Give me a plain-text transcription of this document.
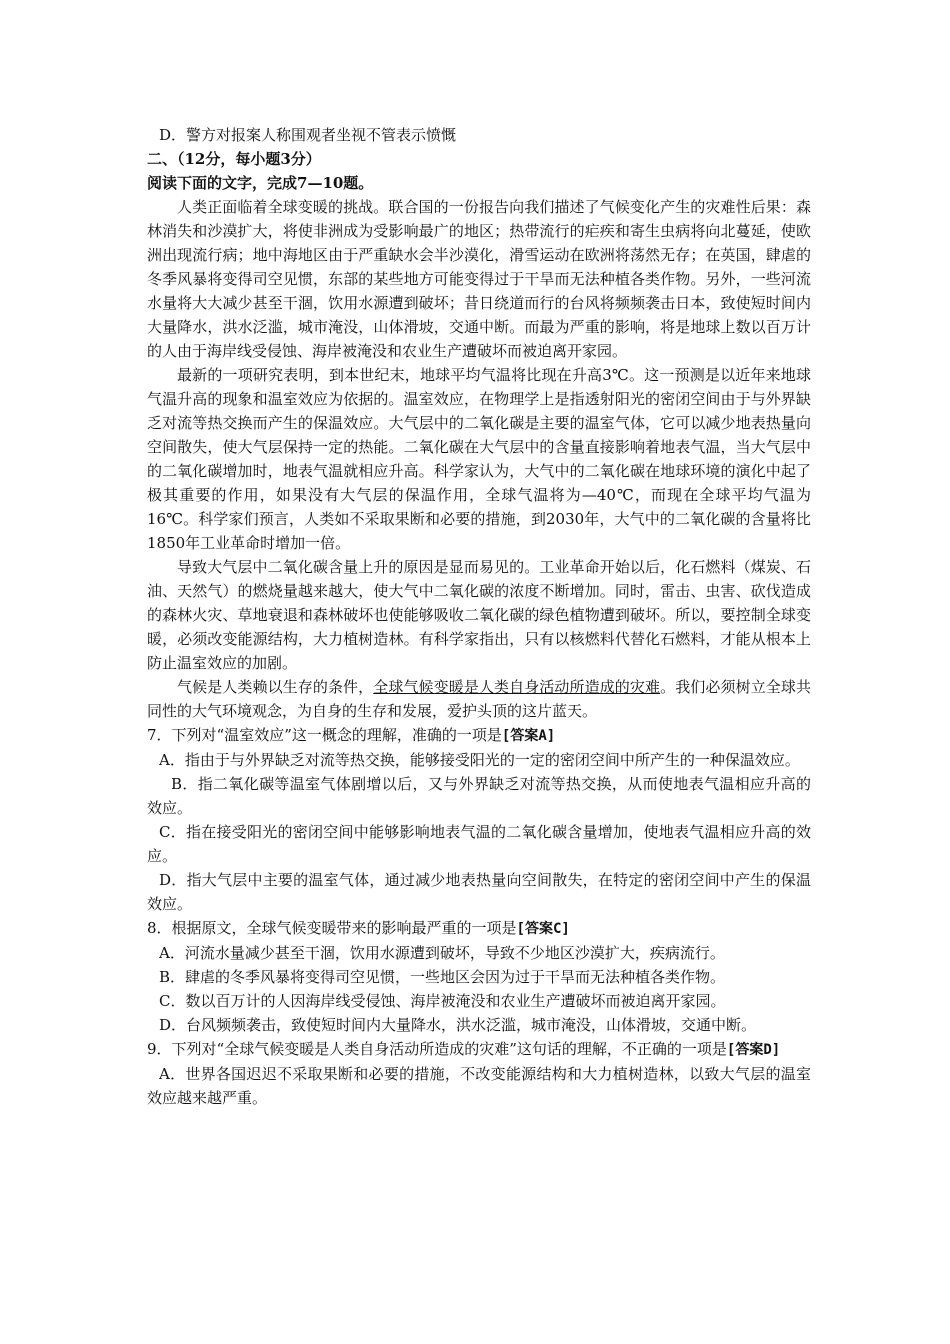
D．警方对报案人称围观者坐视不管表示愤慨

二、（12分，每小题3分）

阅读下面的文字，完成7—10题。

人类正面临着全球变暖的挑战。联合国的一份报告向我们描述了气候变化产生的灾难性后果：森林消失和沙漠扩大，将使非洲成为受影响最广的地区；热带流行的疟疾和寄生虫病将向北蔓延，使欧洲出现流行病；地中海地区由于严重缺水会半沙漠化，滑雪运动在欧洲将荡然无存；在英国，肆虐的冬季风暴将变得司空见惯，东部的某些地方可能变得过于干旱而无法种植各类作物。另外，一些河流水量将大大减少甚至干涸，饮用水源遭到破坏；昔日绕道而行的台风将频频袭击日本，致使短时间内大量降水，洪水泛滥，城市淹没，山体滑坡，交通中断。而最为严重的影响，将是地球上数以百万计的人由于海岸线受侵蚀、海岸被淹没和农业生产遭破坏而被迫离开家园。

最新的一项研究表明，到本世纪末，地球平均气温将比现在升高3℃。这一预测是以近年来地球气温升高的现象和温室效应为依据的。温室效应，在物理学上是指透射阳光的密闭空间由于与外界缺乏对流等热交换而产生的保温效应。大气层中的二氧化碳是主要的温室气体，它可以减少地表热量向空间散失，使大气层保持一定的热能。二氧化碳在大气层中的含量直接影响着地表气温，当大气层中的二氧化碳增加时，地表气温就相应升高。科学家认为，大气中的二氧化碳在地球环境的演化中起了极其重要的作用，如果没有大气层的保温作用，全球气温将为—40℃，而现在全球平均气温为16℃。科学家们预言，人类如不采取果断和必要的措施，到2030年，大气中的二氧化碳的含量将比1850年工业革命时增加一倍。

导致大气层中二氧化碳含量上升的原因是显而易见的。工业革命开始以后，化石燃料（煤炭、石油、天然气）的燃烧量越来越大，使大气中二氧化碳的浓度不断增加。同时，雷击、虫害、砍伐造成的森林火灾、草地衰退和森林破坏也使能够吸收二氧化碳的绿色植物遭到破坏。所以，要控制全球变暖，必须改变能源结构，大力植树造林。有科学家指出，只有以核燃料代替化石燃料，才能从根本上防止温室效应的加剧。

气候是人类赖以生存的条件，全球气候变暖是人类自身活动所造成的灾难。我们必须树立全球共同性的大气环境观念，为自身的生存和发展，爱护头顶的这片蓝天。

7．下列对“温室效应”这一概念的理解，准确的一项是[答案A]

A．指由于与外界缺乏对流等热交换，能够接受阳光的一定的密闭空间中所产生的一种保温效应。

B．指二氧化碳等温室气体剧增以后，又与外界缺乏对流等热交换，从而使地表气温相应升高的效应。

C．指在接受阳光的密闭空间中能够影响地表气温的二氧化碳含量增加，使地表气温相应升高的效应。

D．指大气层中主要的温室气体，通过减少地表热量向空间散失，在特定的密闭空间中产生的保温效应。

8．根据原文，全球气候变暖带来的影响最严重的一项是[答案C]

A．河流水量减少甚至干涸，饮用水源遭到破坏，导致不少地区沙漠扩大，疾病流行。

B．肆虐的冬季风暴将变得司空见惯，一些地区会因为过于干旱而无法种植各类作物。

C．数以百万计的人因海岸线受侵蚀、海岸被淹没和农业生产遭破坏而被迫离开家园。

D．台风频频袭击，致使短时间内大量降水，洪水泛滥，城市淹没，山体滑坡，交通中断。

9．下列对“全球气候变暖是人类自身活动所造成的灾难”这句话的理解，不正确的一项是[答案D]

A．世界各国迟迟不采取果断和必要的措施，不改变能源结构和大力植树造林，以致大气层的温室效应越来越严重。
